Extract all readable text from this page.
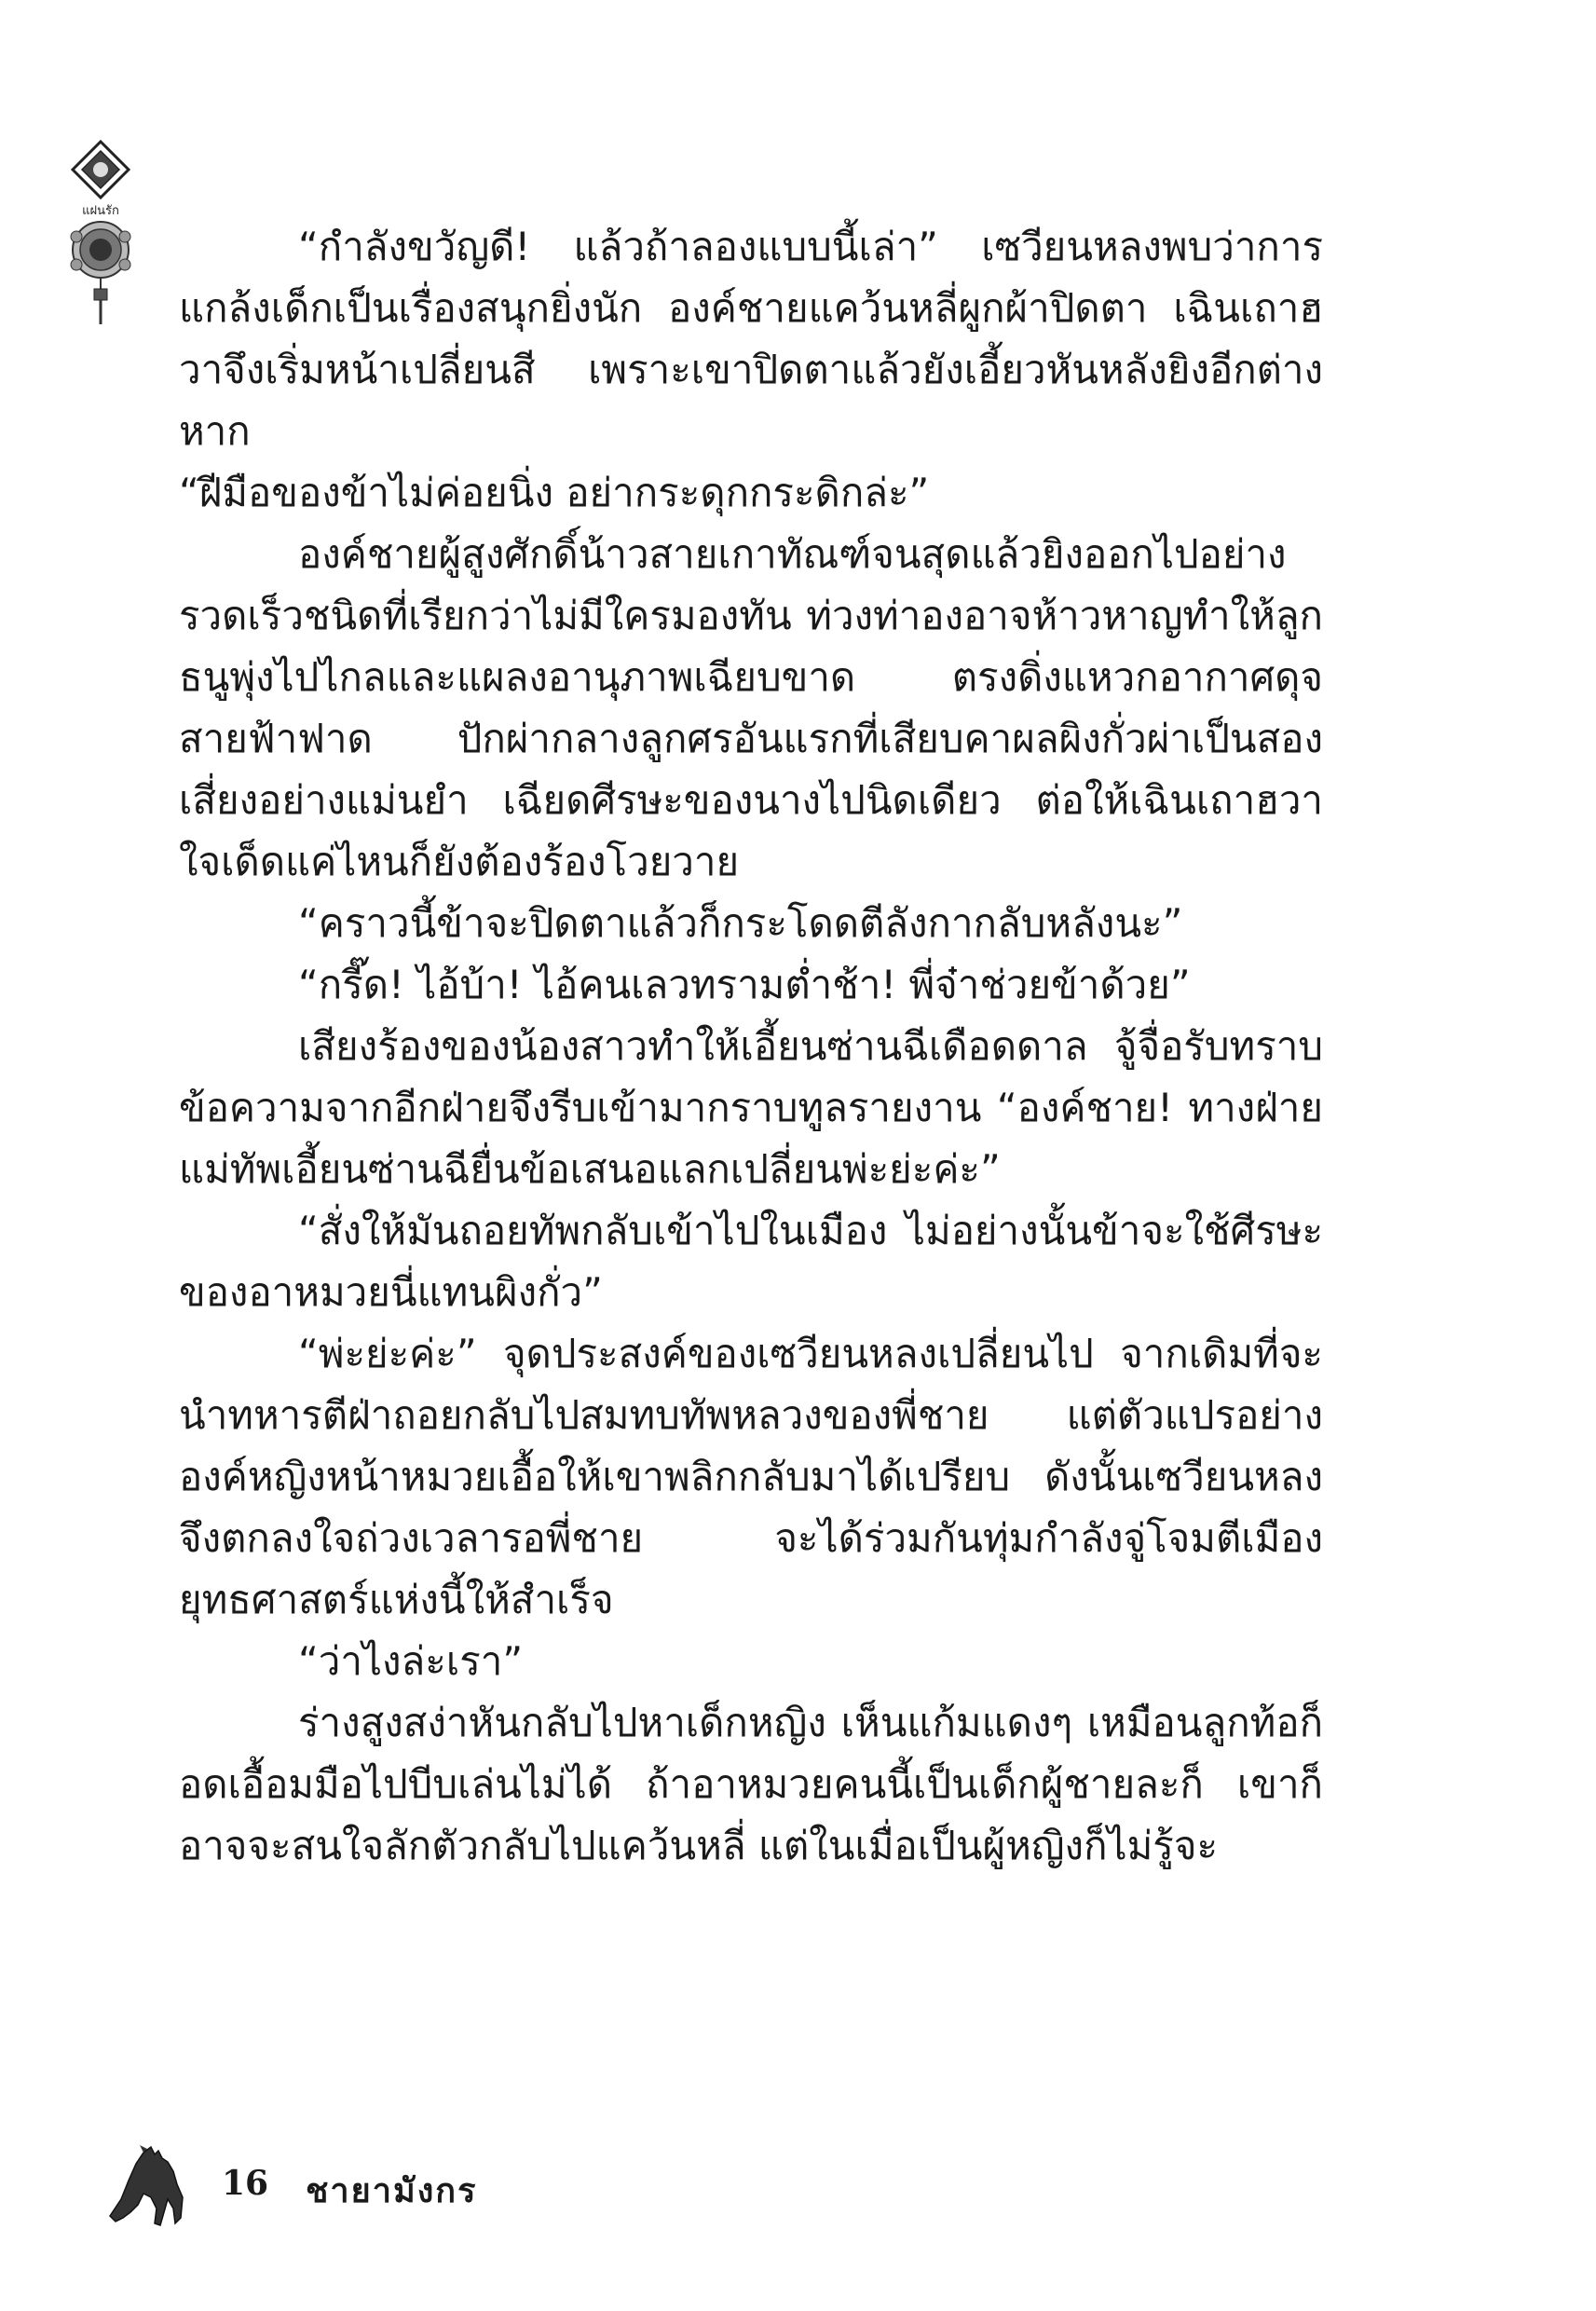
แฝนรัก

“กำลังขวัญดี! แล้วถ้าลองแบบนี้เล่า” เซวียนหลงพบว่าการแกล้งเด็กเป็นเรื่องสนุกยิ่งนัก องค์ชายแคว้นหลี่ผูกผ้าปิดตา เฉินเถาฮวาจึงเริ่มหน้าเปลี่ยนสี เพราะเขาปิดตาแล้วยังเอี้ยวหันหลังยิงอีกต่างหาก

“ฝีมือของข้าไม่ค่อยนิ่ง อย่ากระดุกกระดิกล่ะ”

องค์ชายผู้สูงศักดิ์น้าวสายเกาทัณฑ์จนสุดแล้วยิงออกไปอย่างรวดเร็วชนิดที่เรียกว่าไม่มีใครมองทัน ท่วงท่าองอาจห้าวหาญทำให้ลูกธนูพุ่งไปไกลและแผลงอานุภาพเฉียบขาด ตรงดิ่งแหวกอากาศดุจสายฟ้าฟาด ปักผ่ากลางลูกศรอันแรกที่เสียบคาผลผิงกั่วผ่าเป็นสองเสี่ยงอย่างแม่นยำ เฉียดศีรษะของนางไปนิดเดียว ต่อให้เฉินเถาฮวาใจเด็ดแค่ไหนก็ยังต้องร้องโวยวาย

“คราวนี้ข้าจะปิดตาแล้วก็กระโดดตีลังกากลับหลังนะ”

“กรี๊ด! ไอ้บ้า! ไอ้คนเลวทรามต่ำช้า! พี่จ๋าช่วยข้าด้วย”

เสียงร้องของน้องสาวทำให้เอี้ยนซ่านฉีเดือดดาล จู้จื่อรับทราบข้อความจากอีกฝ่ายจึงรีบเข้ามากราบทูลรายงาน “องค์ชาย! ทางฝ่ายแม่ทัพเอี้ยนซ่านฉียื่นข้อเสนอแลกเปลี่ยนพ่ะย่ะค่ะ”

“สั่งให้มันถอยทัพกลับเข้าไปในเมือง ไม่อย่างนั้นข้าจะใช้ศีรษะของอาหมวยนี่แทนผิงกั่ว”

“พ่ะย่ะค่ะ” จุดประสงค์ของเซวียนหลงเปลี่ยนไป จากเดิมที่จะนำทหารตีฝ่าถอยกลับไปสมทบทัพหลวงของพี่ชาย แต่ตัวแปรอย่างองค์หญิงหน้าหมวยเอื้อให้เขาพลิกกลับมาได้เปรียบ ดังนั้นเซวียนหลงจึงตกลงใจถ่วงเวลารอพี่ชาย จะได้ร่วมกันทุ่มกำลังจู่โจมตีเมืองยุทธศาสตร์แห่งนี้ให้สำเร็จ

“ว่าไงล่ะเรา”

ร่างสูงสง่าหันกลับไปหาเด็กหญิง เห็นแก้มแดงๆ เหมือนลูกท้อก็อดเอื้อมมือไปบีบเล่นไม่ได้ ถ้าอาหมวยคนนี้เป็นเด็กผู้ชายละก็ เขาก็อาจจะสนใจลักตัวกลับไปแคว้นหลี่ แต่ในเมื่อเป็นผู้หญิงก็ไม่รู้จะ

16 ชายามังกร
